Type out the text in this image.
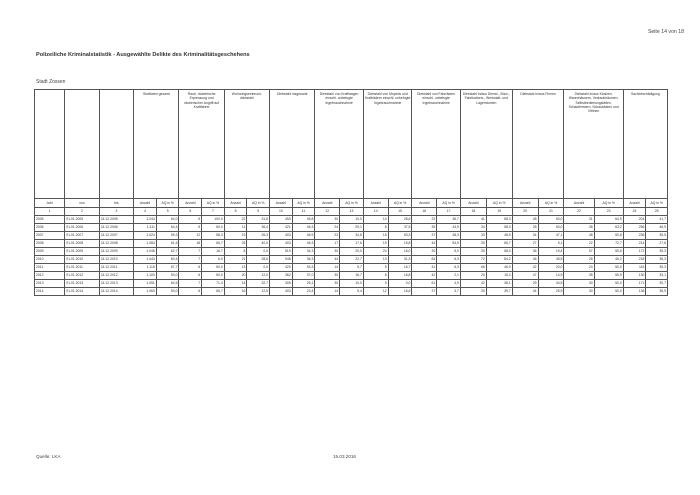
Seite 14 von 18
Polizeiliche Kriminalstatistik - Ausgewählte Delikte des Kriminalitätsgeschehens
Stadt Zossen
			Straftaten gesamt		Raub, räuberische Erpressung und räuberischer Angriff auf Kraftfahrer		Wohnungseinbruch-diebstahl		Diebstahl insgesamt		Diebstahl von Kraftwagen einschl. unbefugte Ingebrauchnahme		Diebstahl von Mopeds und Krafträdern einschl. unbefugte Ingebrauchnahme		Diebstahl von Fahrrädern einschl. unbefugte Ingebrauchnahme		Diebstahl in/aus Dienst-, Büro-, Fabrikations-, Werkstatt- und Lagerräumen		Diebstahl in/aus Firmen		Diebstahl in/aus Kiosken, Warenhäusern, Verkaufsräumen, Selbstbedienungsläden, Schaufenstern, Schaukästen und Vitrinen		Sachbeschädigung	
Jahr	von	bis	Anzahl	AQ in %	Anzahl	AQ in %	Anzahl	AQ in %	Anzahl	AQ in %	Anzahl	AQ in %	Anzahl	AQ in %	Anzahl	AQ in %	Anzahl	AQ in %	Anzahl	AQ in %	Anzahl	AQ in %	Anzahl	AQ in %
1	2	3	4	5	6	7	8	9	10	11	12	13	14	15	16	17	18	19	20	21	22	23	24	25
2005	01.01.2005	31.12.2005	1.244	64,0	5	100,0	22	31,8	450	45,8	30	10,0	14	28,6	22	36,7	41	68,3	48	50,0	31	64,5	204	41,7
2006	01.01.2006	31.12.2006	1.311	64,4	5	60,0	11	36,4	421	46,3	24	29,1	8	37,5	39	44,9	34	58,3	28	50,0	38	63,2	256	46,9
2007	01.01.2007	31.12.2007	1.024	59,3	12	58,3	19	26,3	403	46,9	23	34,8	15	53,3	37	48,3	33	48,5	34	47,1	48	50,8	236	35,5
2008	01.01.2008	31.12.2008	1.084	61,6	18	66,7	25	40,0	403	46,3	17	17,6	19	15,8	44	54,5	30	66,7	27	5,1	22	72,7	214	27,6
2009	01.01.2009	31.12.2009	1.046	62,7	7	16,7	8	0,0	519	34,3	30	20,0	24	16,0	20	5,0	30	58,0	36	19,4	57	55,6	172	35,3
2010	01.01.2010	31.12.2010	1.443	60,4	7	6,0	21	28,6	546	36,3	44	22,7	13	31,3	64	6,3	72	84,2	46	45,5	28	46,2	218	36,3
2011	01.01.2011	31.12.2011	1.116	67,7	6	50,0	13	0,0	420	53,3	14	5,7	5	16,7	41	6,3	66	46,0	42	20,0	24	50,0	115	35,3
2012	01.01.2012	31.12.2012	1.100	53,0	6	50,0	20	12,0	362	37,0	30	16,7	8	16,8	42	2,1	20	15,4	47	14,9	35	55,9	130	33,1
2013	01.01.2013	31.12.2013	1.051	64,6	7	71,4	14	32,7	305	26,1	30	10,0	3	0,0	61	4,9	42	38,1	29	34,5	30	50,0	171	30,7
2014	01.01.2014	31.12.2014	1.060	53,0	6	66,7	16	12,5	403	23,4	14	5,4	12	16,6	37	3,7	30	39,7	44	25,9	30	50,0	136	36,9
Quelle: LKA	15.03.2016
